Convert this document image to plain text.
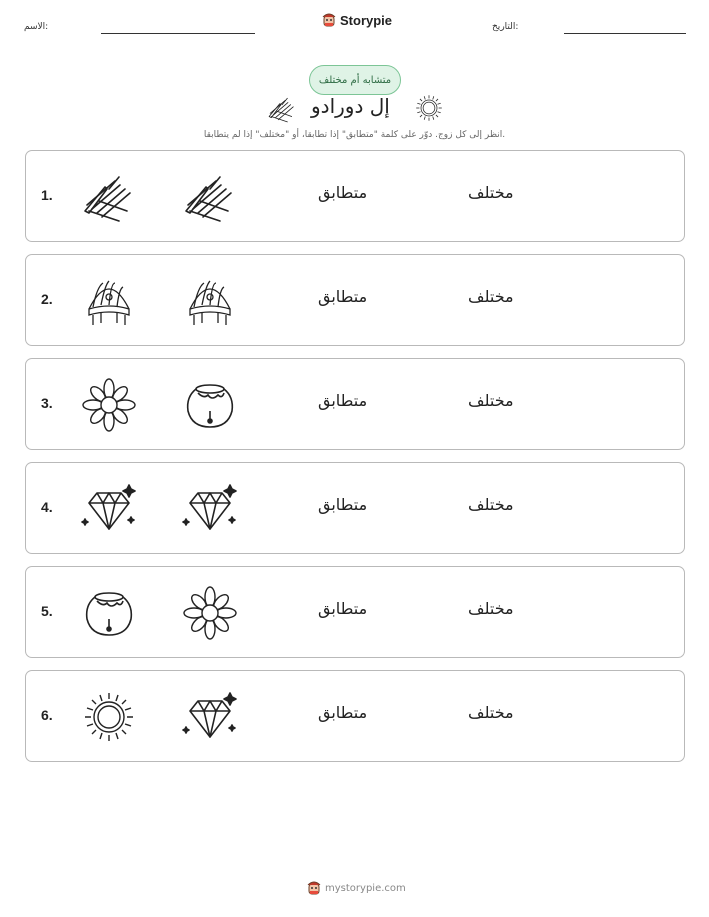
الاسم:	Storypie	التاريخ:
متشابه أم مختلف
إل دورادو
انظر إلى كل زوج. دوّر على كلمة "متطابق" إذا تطابقا، أو "مختلف" إذا لم يتطابقا.
1.	متطابق	مختلف
2.	متطابق	مختلف
3.	متطابق	مختلف
4.	متطابق	مختلف
5.	متطابق	مختلف
6.	متطابق	مختلف
mystorypie.com
